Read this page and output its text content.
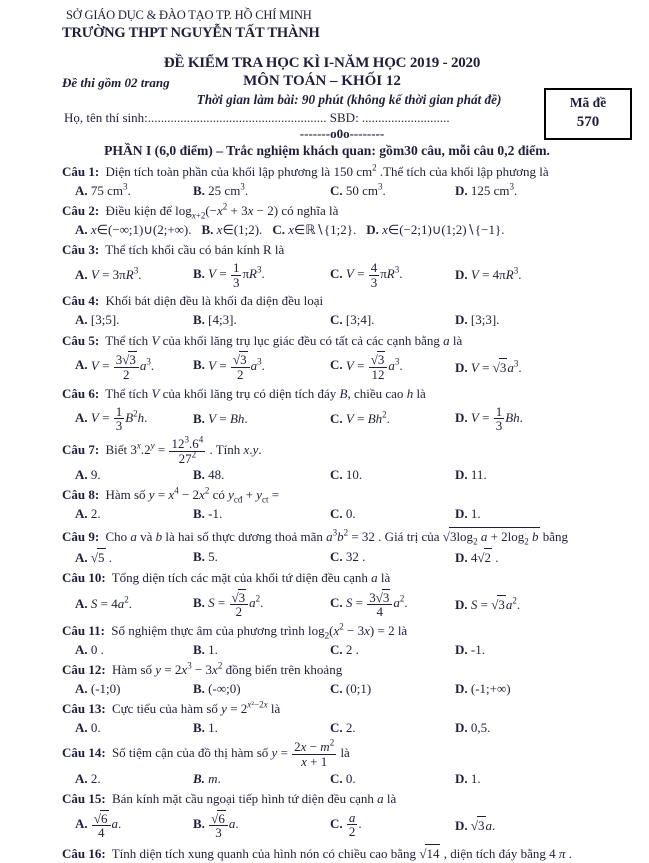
SỞ GIÁO DỤC & ĐÀO TẠO TP. HỒ CHÍ MINH
TRƯỜNG THPT NGUYỄN TẤT THÀNH
ĐỀ KIỂM TRA HỌC KÌ I-NĂM HỌC 2019 - 2020
Đề thi gồm 02 trang	MÔN TOÁN – KHỐI 12
Thời gian làm bài: 90 phút (không kể thời gian phát đề)
Họ, tên thí sinh:....................................................... SBD: ...........................
-------o0o--------
PHẦN I (6,0 điểm) – Trắc nghiệm khách quan: gồm30 câu, mỗi câu 0,2 điểm.
Mã đề
570
Câu 1: Diện tích toàn phần của khối lập phương là 150 $cm^2$ .Thể tích của khối lập phương là
A. 75 $cm^3$.	B. 25 $cm^3$.	C. 50 $cm^3$.	D. 125 $cm^3$.
Câu 2: Điều kiện để $\log_{x+2}(-x^2 + 3x - 2)$ có nghĩa là
A. x∈(−∞;1)∪(2;+∞). B. x∈(1;2). C. x∈ℝ∖{1;2}. D. x∈(−2;1)∪(1;2)∖{−1}.
Câu 3: Thể tích khối cầu có bán kính R là
A. $V = 3\pi R^3$.	B. $V = \frac{1}{3} \pi R^3$.	C. $V = \frac{4}{3} \pi R^3$.	D. $V = 4\pi R^3$.
Câu 4: Khối bát diện đều là khối đa diện đều loại
A. [3;5].	B. [4;3].	C. [3;4].	D. [3;3].
Câu 5: Thể tích V của khối lăng trụ lục giác đều có tất cả các cạnh bằng a là
A. $V = \frac{3√3}{2} a^3$.	B. $V = \frac{√3}{2} a^3$.	C. $V = \frac{√3}{12} a^3$.	D. $V = √3a^3$.
Câu 6: Thể tích V của khối lăng trụ có diện tích đáy B, chiều cao h là
A. $V = \frac{1}{3} B^2h$.	B. V = Bh.	C. $V = Bh^2$.	D. $V = \frac{1}{3} Bh$.
Câu 7: Biết $3^x.2^y = \frac{12^3.6^4}{27^2}$ . Tính x.y.
A. 9.	B. 48.	C. 10.	D. 11.
Câu 8: Hàm số $y = x^4 - 2x^2$ có $y_{cđ} + y_{ct}$ =
A. 2.	B. -1.	C. 0.	D. 1.
Câu 9: Cho a và b là hai số thực dương thoả mãn $a^3b^2 = 32$ . Giá trị của $√3\log_2$ $a + 2\log_2$ b bằng
A. √5 .	B. 5.	C. 32 .	D. 4√2 .
Câu 10: Tổng diện tích các mặt của khối tứ diện đều cạnh a là
A. $S = 4a^2$.	B. $S = \frac{√3}{2} a^2$.	C. $S = \frac{3√3}{4} a^2$.	D. $S = √3a^2$.
Câu 11: Số nghiệm thực âm của phương trình $\log_2(x^2 - 3x) = 2$ là
A. 0 .	B. 1.	C. 2 .	D. -1.
Câu 12: Hàm số $y = 2x^3 - 3x^2$ đồng biến trên khoảng
A. (-1;0)	B. (-∞;0)	C. (0;1)	D. (-1;+∞)
Câu 13: Cực tiểu của hàm số $y = 2^{x^2-2x}$ là
A. 0.	B. 1.	C. 2.	D. 0,5.
Câu 14: Số tiệm cận của đồ thị hàm số $y = \frac{2x - m^2}{x + 1}$ là
A. 2.	B. m.	C. 0.	D. 1.
Câu 15: Bán kính mặt cầu ngoại tiếp hình tứ diện đều cạnh a là
A. $\frac{√6}{4} a$.	B. $\frac{√6}{3} a$.	C. $\frac{a}{2}$ .	D. √3a.
Câu 16: Tính diện tích xung quanh của hình nón có chiều cao bằng √14 , diện tích đáy bằng 4 π .
